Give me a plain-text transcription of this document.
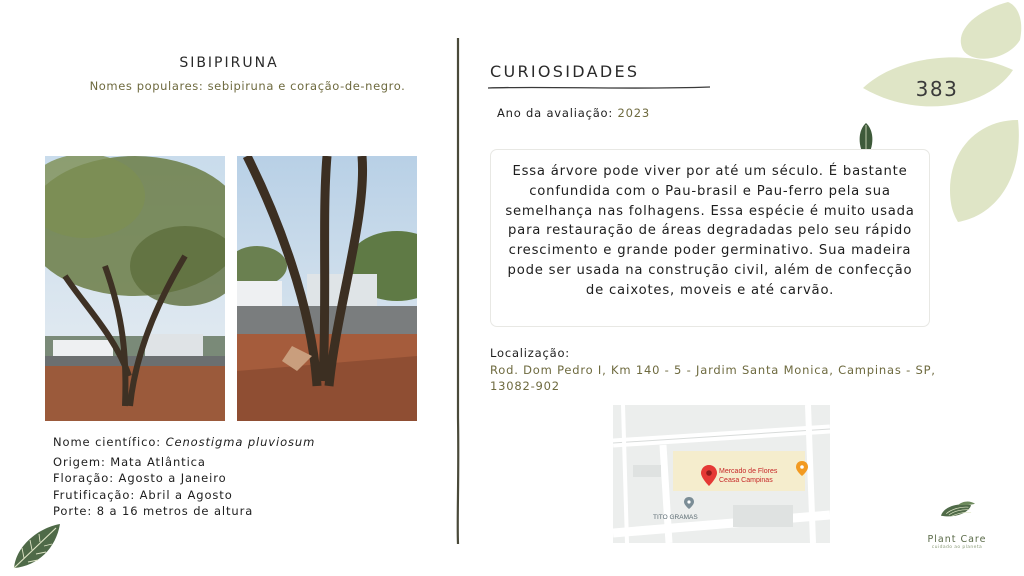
383
SIBIPIRUNA
Nomes populares: sebipiruna e coração-de-negro.
Nome científico: Cenostigma pluviosum
Origem: Mata Atlântica
Floração: Agosto a Janeiro
Frutificação: Abril a Agosto
Porte: 8 a 16 metros de altura
CURIOSIDADES
Ano da avaliação: 2023
Essa árvore pode viver por até um século. É bastante confundida com o Pau-brasil e Pau-ferro pela sua semelhança nas folhagens. Essa espécie é muito usada para restauração de áreas degradadas pelo seu rápido crescimento e grande poder germinativo. Sua madeira pode ser usada na construção civil, além de confecção de caixotes, moveis e até carvão.
Localização:
Rod. Dom Pedro I, Km 140 - 5 - Jardim Santa Monica, Campinas - SP, 13082-902
Mercado de Flores
Ceasa Campinas
TITO GRAMAS
Plant Care
cuidado ao planeta
